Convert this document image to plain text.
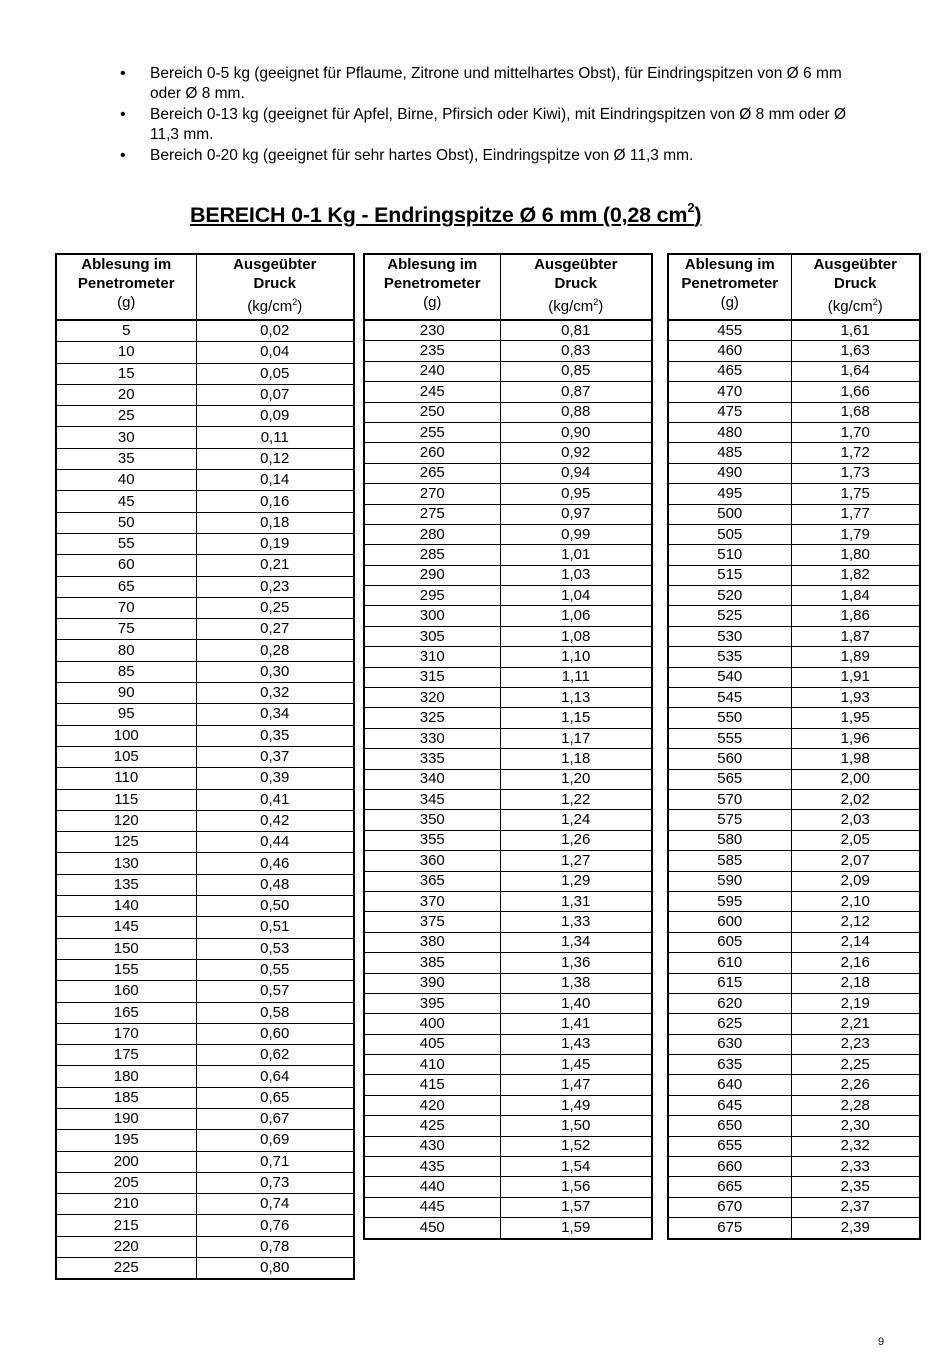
• Bereich 0-5 kg (geeignet für Pflaume, Zitrone und mittelhartes Obst), für Eindringspitzen von Ø 6 mm oder Ø 8 mm.
• Bereich 0-13 kg (geeignet für Apfel, Birne, Pfirsich oder Kiwi), mit Eindringspitzen von Ø 8 mm oder Ø 11,3 mm.
• Bereich 0-20 kg (geeignet für sehr hartes Obst), Eindringspitze von Ø 11,3 mm.
BEREICH 0-1 Kg - Endringspitze Ø 6 mm (0,28 $cm^2$)
Ablesung im
Penetrometer
(g)	Ausgeübter
Druck
$(kg/cm^2)$
5	0,02
10	0,04
15	0,05
20	0,07
25	0,09
30	0,11
35	0,12
40	0,14
45	0,16
50	0,18
55	0,19
60	0,21
65	0,23
70	0,25
75	0,27
80	0,28
85	0,30
90	0,32
95	0,34
100	0,35
105	0,37
110	0,39
115	0,41
120	0,42
125	0,44
130	0,46
135	0,48
140	0,50
145	0,51
150	0,53
155	0,55
160	0,57
165	0,58
170	0,60
175	0,62
180	0,64
185	0,65
190	0,67
195	0,69
200	0,71
205	0,73
210	0,74
215	0,76
220	0,78
225	0,80
Ablesung im
Penetrometer
(g)	Ausgeübter
Druck
$(kg/cm^2)$
230	0,81
235	0,83
240	0,85
245	0,87
250	0,88
255	0,90
260	0,92
265	0,94
270	0,95
275	0,97
280	0,99
285	1,01
290	1,03
295	1,04
300	1,06
305	1,08
310	1,10
315	1,11
320	1,13
325	1,15
330	1,17
335	1,18
340	1,20
345	1,22
350	1,24
355	1,26
360	1,27
365	1,29
370	1,31
375	1,33
380	1,34
385	1,36
390	1,38
395	1,40
400	1,41
405	1,43
410	1,45
415	1,47
420	1,49
425	1,50
430	1,52
435	1,54
440	1,56
445	1,57
450	1,59
Ablesung im
Penetrometer
(g)	Ausgeübter
Druck
$(kg/cm^2)$
455	1,61
460	1,63
465	1,64
470	1,66
475	1,68
480	1,70
485	1,72
490	1,73
495	1,75
500	1,77
505	1,79
510	1,80
515	1,82
520	1,84
525	1,86
530	1,87
535	1,89
540	1,91
545	1,93
550	1,95
555	1,96
560	1,98
565	2,00
570	2,02
575	2,03
580	2,05
585	2,07
590	2,09
595	2,10
600	2,12
605	2,14
610	2,16
615	2,18
620	2,19
625	2,21
630	2,23
635	2,25
640	2,26
645	2,28
650	2,30
655	2,32
660	2,33
665	2,35
670	2,37
675	2,39
9
